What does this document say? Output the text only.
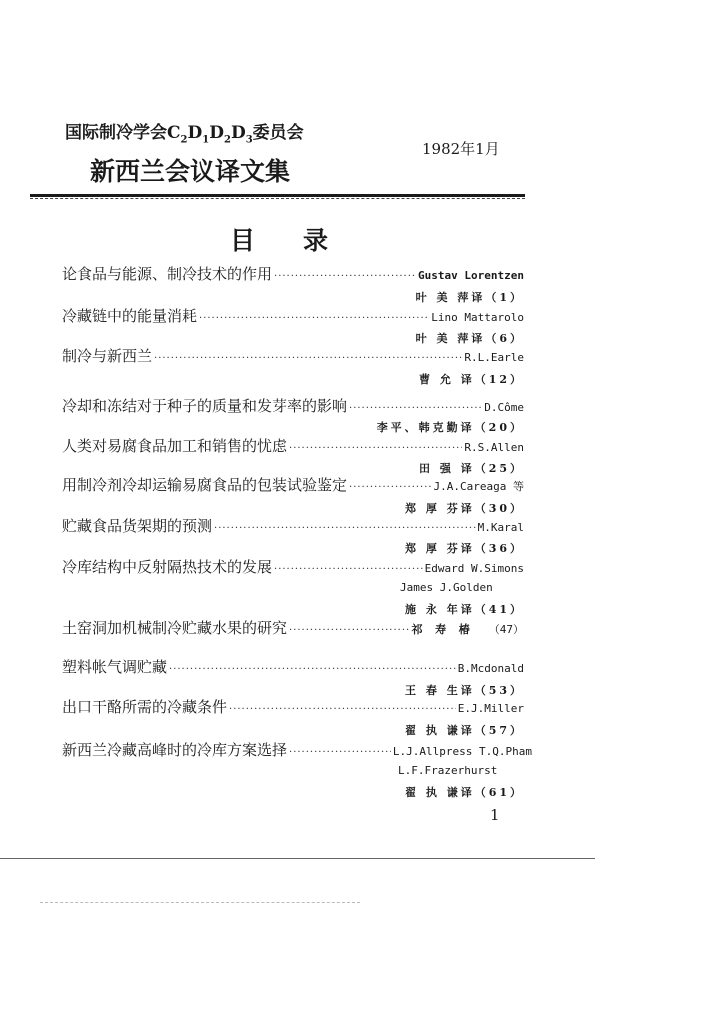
国际制冷学会$C_2D_1D_2D_3$委员会
新西兰会议译文集
1982年1月
目 录
论食品与能源、制冷技术的作用 ·····	Gustav Lorentzen
叶 美 萍译（1）
冷藏链中的能量消耗 ·····	Lino Mattarolo
叶 美 萍译（6）
制冷与新西兰 ·····	R.L.Earle
曹 允 译（12）
冷却和冻结对于种子的质量和发芽率的影响 ·····	D.Côme
李平、韩克勤译（20）
人类对易腐食品加工和销售的忧虑 ·····	R.S.Allen
田 强 译（25）
用制冷剂冷却运输易腐食品的包装试验鉴定 ·····	J.A.Careaga 等
郑 厚 芬译（30）
贮藏食品货架期的预测 ·····	M.Karal
郑 厚 芬译（36）
冷库结构中反射隔热技术的发展 ·····	Edward W.Simons
James J.Golden
施 永 年译（41）
土窑洞加机械制冷贮藏水果的研究 ·····	祁 寿 椿 （47）
塑料帐气调贮藏 ·····	B.Mcdonald
王 春 生译（53）
出口干酪所需的冷藏条件 ·····	E.J.Miller
翟 执 谦译（57）
新西兰冷藏高峰时的冷库方案选择 ·····	L.J.Allpress T.Q.Pham
L.F.Frazerhurst
翟 执 谦译（61）
1
